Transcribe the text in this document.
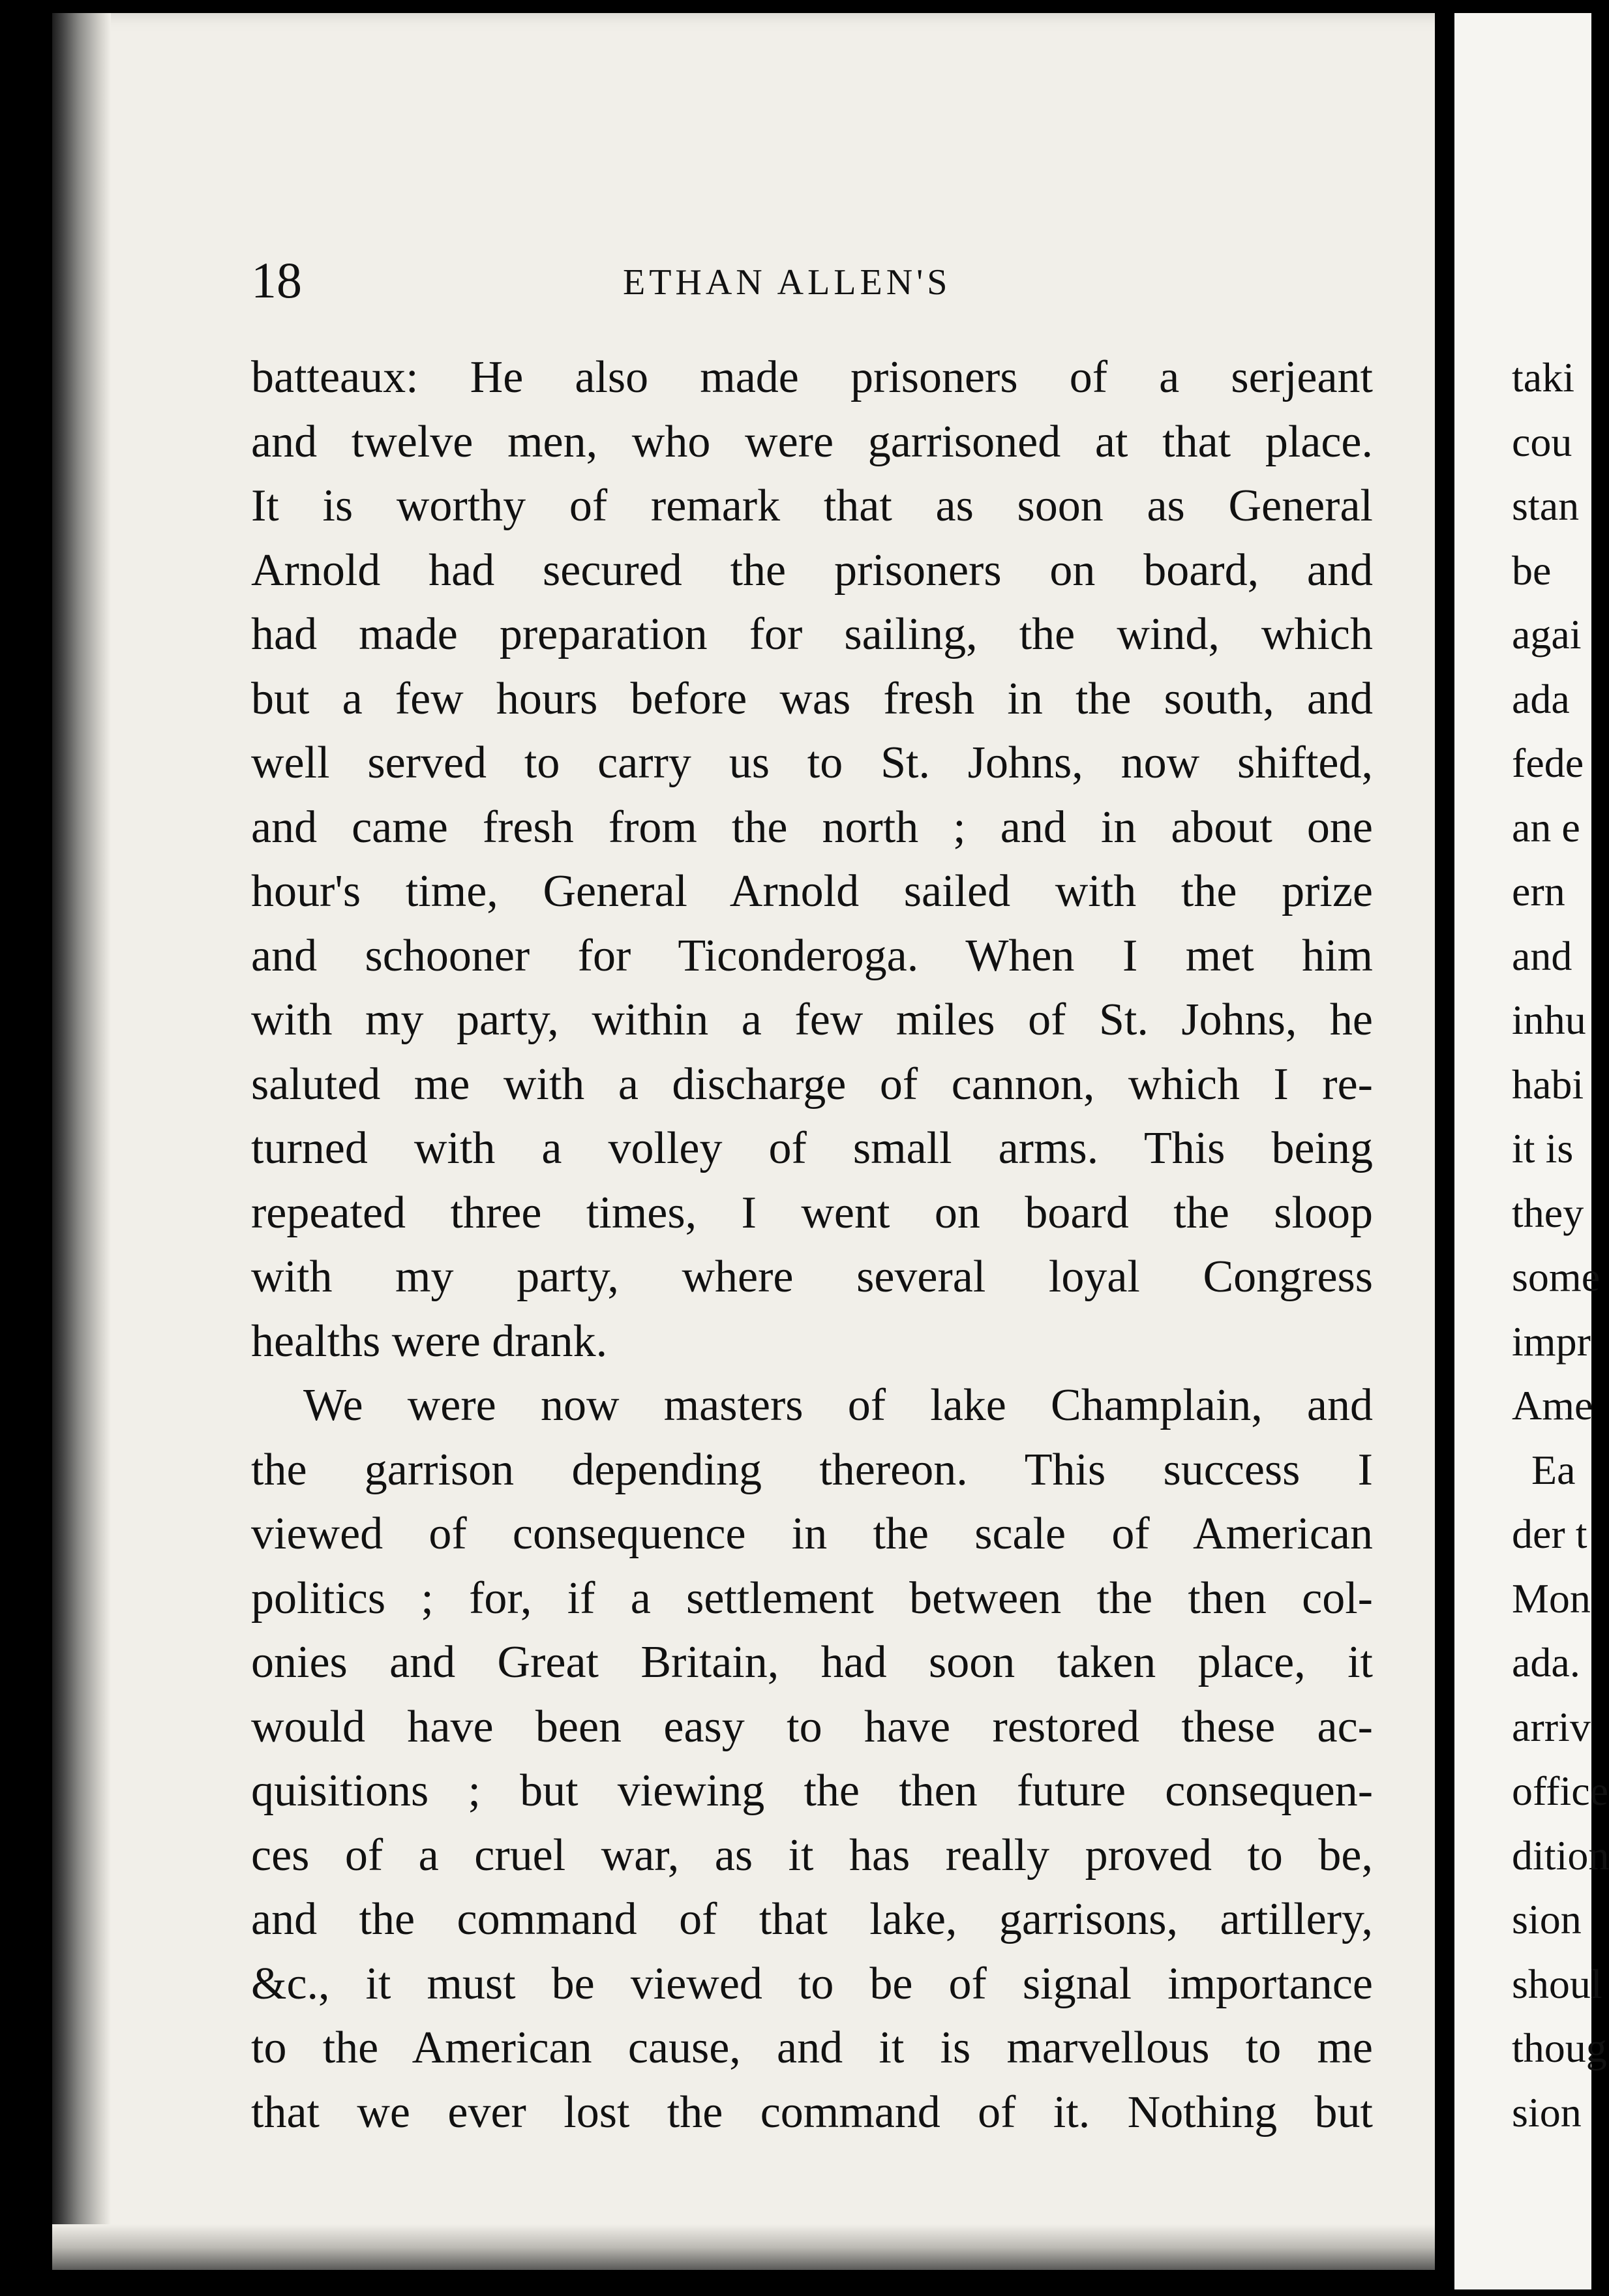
18	ETHAN ALLEN'S
batteaux: He also made prisoners of a serjeant
and twelve men, who were garrisoned at that place.
It is worthy of remark that as soon as General
Arnold had secured the prisoners on board, and
had made preparation for sailing, the wind, which
but a few hours before was fresh in the south, and
well served to carry us to St. Johns, now shifted,
and came fresh from the north ; and in about one
hour's time, General Arnold sailed with the prize
and schooner for Ticonderoga. When I met him
with my party, within a few miles of St. Johns, he
saluted me with a discharge of cannon, which I re-
turned with a volley of small arms. This being
repeated three times, I went on board the sloop
with my party, where several loyal Congress
healths were drank.
We were now masters of lake Champlain, and
the garrison depending thereon. This success I
viewed of consequence in the scale of American
politics ; for, if a settlement between the then col-
onies and Great Britain, had soon taken place, it
would have been easy to have restored these ac-
quisitions ; but viewing the then future consequen-
ces of a cruel war, as it has really proved to be,
and the command of that lake, garrisons, artillery,
&c., it must be viewed to be of signal importance
to the American cause, and it is marvellous to me
that we ever lost the command of it. Nothing but
taki
cou
stan
be
agai
ada
fede
an e
ern
and
inhu
habi
it is
they
some
impr
Ame
Ea
der t
Mon
ada.
arriv
office
dition
sion
shoul
thoug
sion
